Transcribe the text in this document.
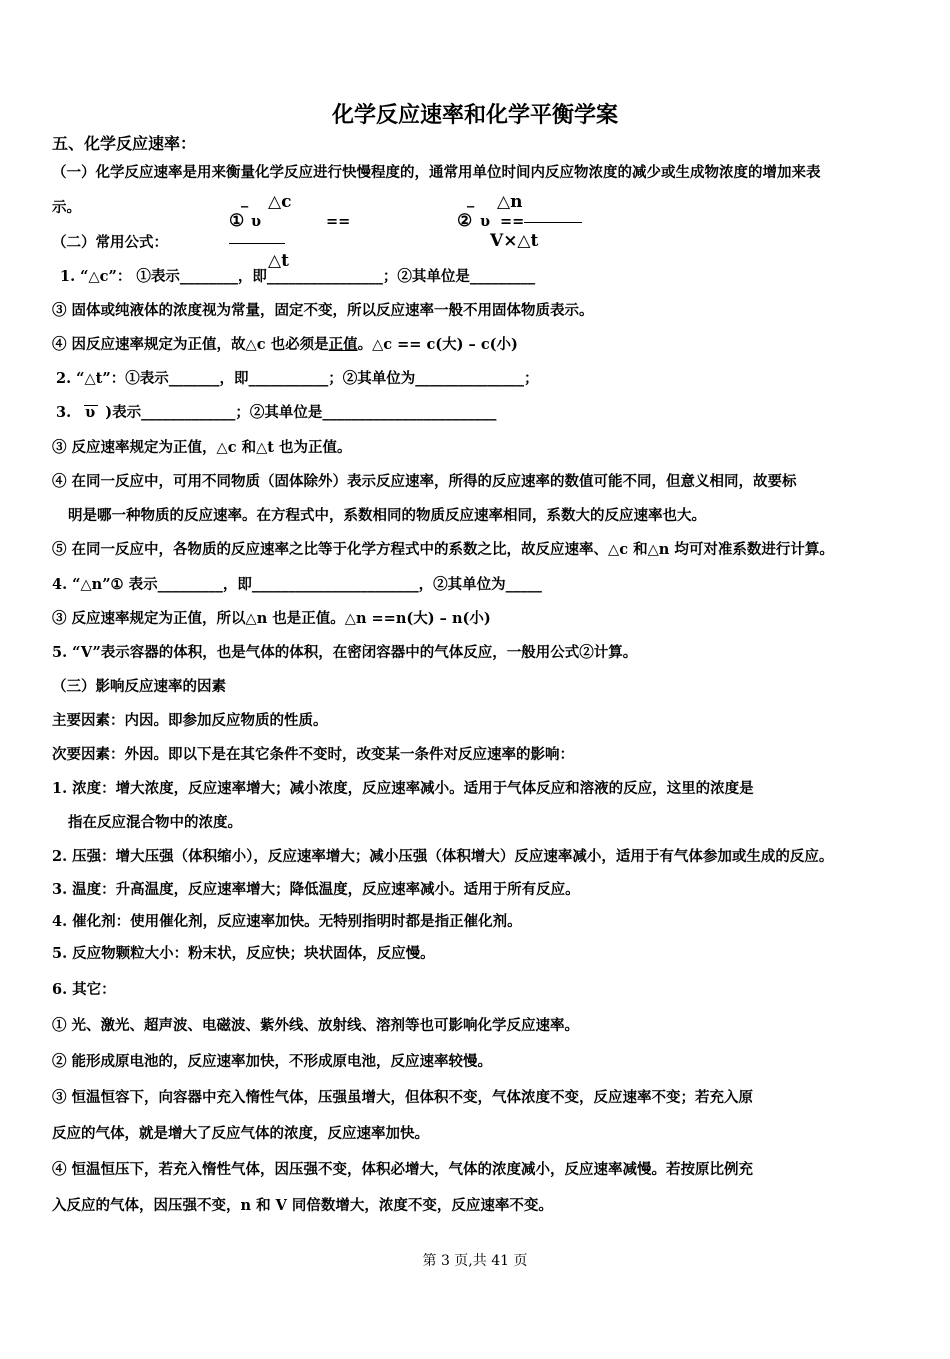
化学反应速率和化学平衡学案
五、化学反应速率：
（一）化学反应速率是用来衡量化学反应进行快慢程度的，通常用单位时间内反应物浓度的减少或生成物浓度的增加来表
示。
（二）常用公式：
_ △c
① υ	==
△t
_ △n
② υ ==
V×△t
1. “△c”： ①表示________，即________________；②其单位是_________
③ 固体或纯液体的浓度视为常量，固定不变，所以反应速率一般不用固体物质表示。
④ 因反应速率规定为正值，故△c 也必须是正值。△c == c(大) – c(小)
2. “△t”：①表示_______，即___________；②其单位为_______________；
3. υ )表示_____________；②其单位是________________________
③ 反应速率规定为正值，△c 和△t 也为正值。
④ 在同一反应中，可用不同物质（固体除外）表示反应速率，所得的反应速率的数值可能不同，但意义相同，故要标
明是哪一种物质的反应速率。在方程式中，系数相同的物质反应速率相同，系数大的反应速率也大。
⑤ 在同一反应中，各物质的反应速率之比等于化学方程式中的系数之比，故反应速率、△c 和△n 均可对准系数进行计算。
4. “△n”① 表示_________，即_______________________，②其单位为_____
③ 反应速率规定为正值，所以△n 也是正值。△n ==n(大) – n(小)
5. “V”表示容器的体积，也是气体的体积，在密闭容器中的气体反应，一般用公式②计算。
（三）影响反应速率的因素
主要因素：内因。即参加反应物质的性质。
次要因素：外因。即以下是在其它条件不变时，改变某一条件对反应速率的影响：
1. 浓度：增大浓度，反应速率增大；减小浓度，反应速率减小。适用于气体反应和溶液的反应，这里的浓度是
指在反应混合物中的浓度。
2. 压强：增大压强（体积缩小），反应速率增大；减小压强（体积增大）反应速率减小，适用于有气体参加或生成的反应。
3. 温度：升高温度，反应速率增大；降低温度，反应速率减小。适用于所有反应。
4. 催化剂：使用催化剂，反应速率加快。无特别指明时都是指正催化剂。
5. 反应物颗粒大小：粉末状，反应快；块状固体，反应慢。
6. 其它：
① 光、激光、超声波、电磁波、紫外线、放射线、溶剂等也可影响化学反应速率。
② 能形成原电池的，反应速率加快，不形成原电池，反应速率较慢。
③ 恒温恒容下，向容器中充入惰性气体，压强虽增大，但体积不变，气体浓度不变，反应速率不变；若充入原
反应的气体，就是增大了反应气体的浓度，反应速率加快。
④ 恒温恒压下，若充入惰性气体，因压强不变，体积必增大，气体的浓度减小，反应速率减慢。若按原比例充
入反应的气体，因压强不变，n 和 V 同倍数增大，浓度不变，反应速率不变。
第 3 页,共 41 页
